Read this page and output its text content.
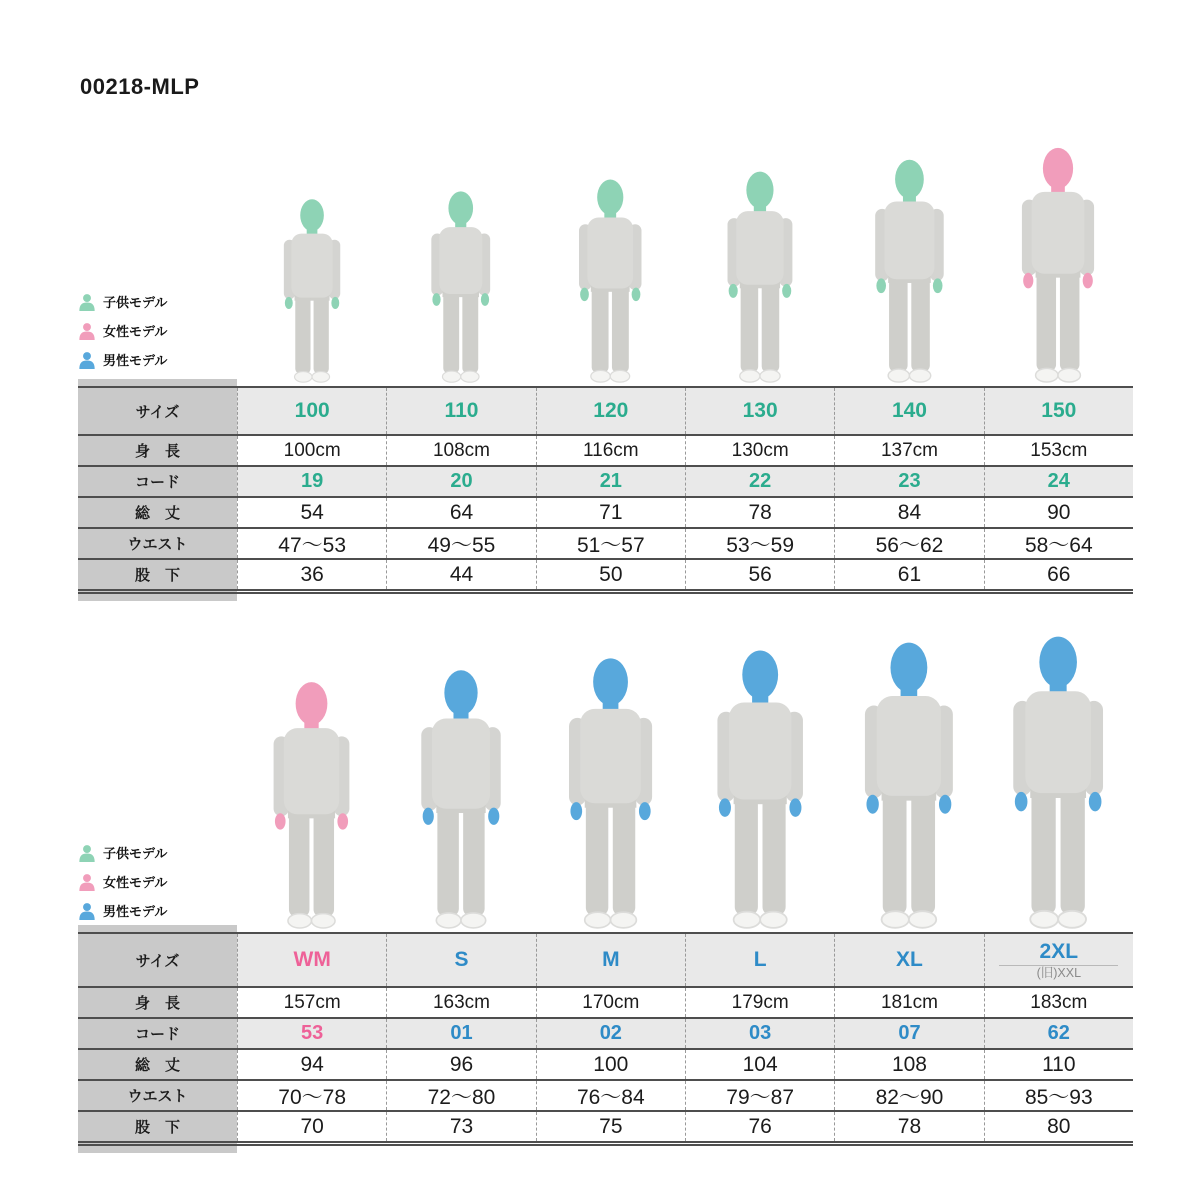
00218-MLP
子供モデル
女性モデル
男性モデル
子供モデル
女性モデル
男性モデル
サイズ	100	110	120	130	140	150
身　長	100cm	108cm	116cm	130cm	137cm	153cm
コード	19	20	21	22	23	24
総　丈	54	64	71	78	84	90
ウエスト	47〜53	49〜55	51〜57	53〜59	56〜62	58〜64
股　下	36	44	50	56	61	66
サイズ	WM	S	M	L	XL	2XL
(旧)XXL
身　長	157cm	163cm	170cm	179cm	181cm	183cm
コード	53	01	02	03	07	62
総　丈	94	96	100	104	108	110
ウエスト	70〜78	72〜80	76〜84	79〜87	82〜90	85〜93
股　下	70	73	75	76	78	80
